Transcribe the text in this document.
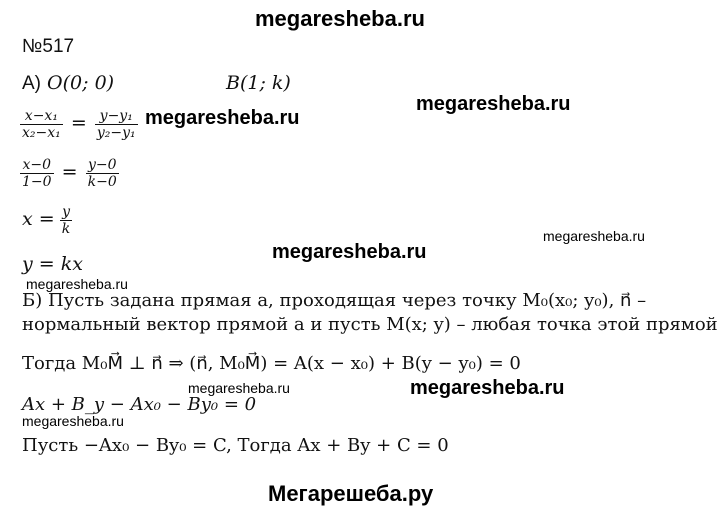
megaresheba.ru
№517
А) O(0; 0)	B(1; k)
megaresheba.ru
$\frac{\text{x−x₁}}{\text{x₂−x₁}} = \frac{\text{y−y₁}}{\text{y₂−y₁}}$ megaresheba.ru
$\frac{x-0}{1-0} = \frac{y-0}{k-0}$
$x = \frac{y}{k}$	megaresheba.ru
megaresheba.ru
y = kx
megaresheba.ru
Б) Пусть задана прямая a, проходящая через точку M₀(x₀; y₀), n⃗ –
нормальный вектор прямой a и пусть M(x; y) – любая точка этой прямой
Тогда M₀M⃗ ⊥ n⃗ ⇒ (n⃗, M₀M⃗) = A(x − x₀) + B(y − y₀) = 0
megaresheba.ru	megaresheba.ru
Ax + B_y − Ax₀ − By₀ = 0
megaresheba.ru
Пусть −Ax₀ − By₀ = C, Тогда Ax + By + C = 0
Мегарешеба.ру
